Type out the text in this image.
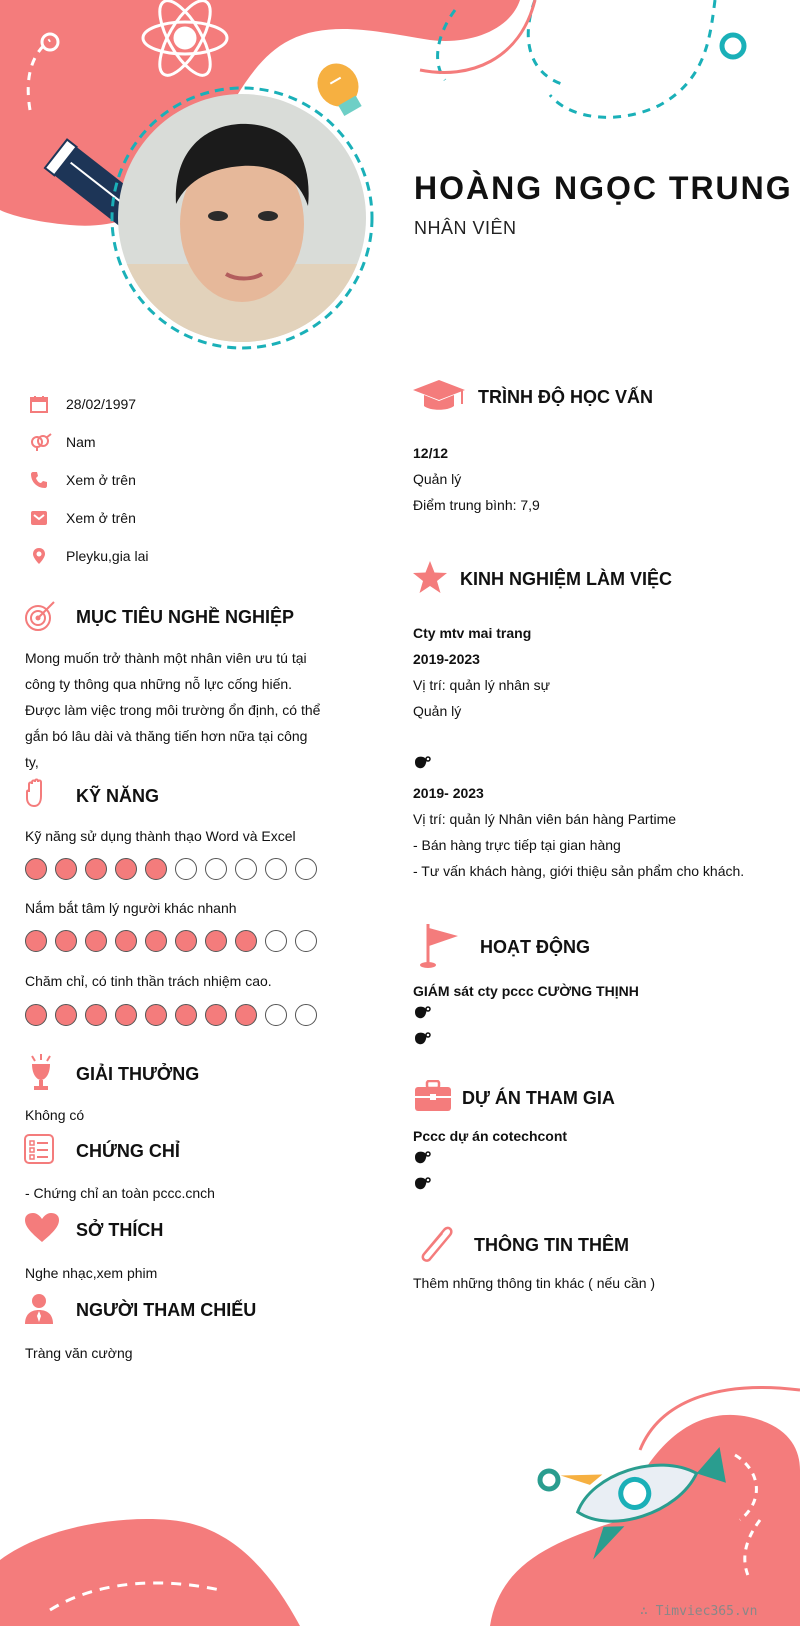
HOÀNG NGỌC TRUNG
NHÂN VIÊN
28/02/1997
Nam
Xem ở trên
Xem ở trên
Pleyku,gia lai
MỤC TIÊU NGHỀ NGHIỆP
Mong muốn trở thành một nhân viên ưu tú tại
công ty thông qua những nỗ lực cống hiến.
Được làm việc trong môi trường ổn định, có thể
gắn bó lâu dài và thăng tiến hơn nữa tại công
ty,
KỸ NĂNG
Kỹ năng sử dụng thành thạo Word và Excel
Nắm bắt tâm lý người khác nhanh
Chăm chỉ, có tinh thần trách nhiệm cao.
GIẢI THƯỞNG
Không có
CHỨNG CHỈ
- Chứng chỉ an toàn pccc.cnch
SỞ THÍCH
Nghe nhạc,xem phim
NGƯỜI THAM CHIẾU
Tràng văn cường
TRÌNH ĐỘ HỌC VẤN
12/12
Quản lý
Điểm trung bình: 7,9
KINH NGHIỆM LÀM VIỆC
Cty mtv mai trang
2019-2023
Vị trí: quản lý nhân sự
Quản lý
2019- 2023
Vị trí: quản lý Nhân viên bán hàng Partime
- Bán hàng trực tiếp tại gian hàng
- Tư vấn khách hàng, giới thiệu sản phẩm cho khách.
HOẠT ĐỘNG
GIÁM sát cty pccc CƯỜNG THỊNH
DỰ ÁN THAM GIA
Pccc dự án cotechcont
THÔNG TIN THÊM
Thêm những thông tin khác ( nếu cần )
∴ Timviec365.vn
